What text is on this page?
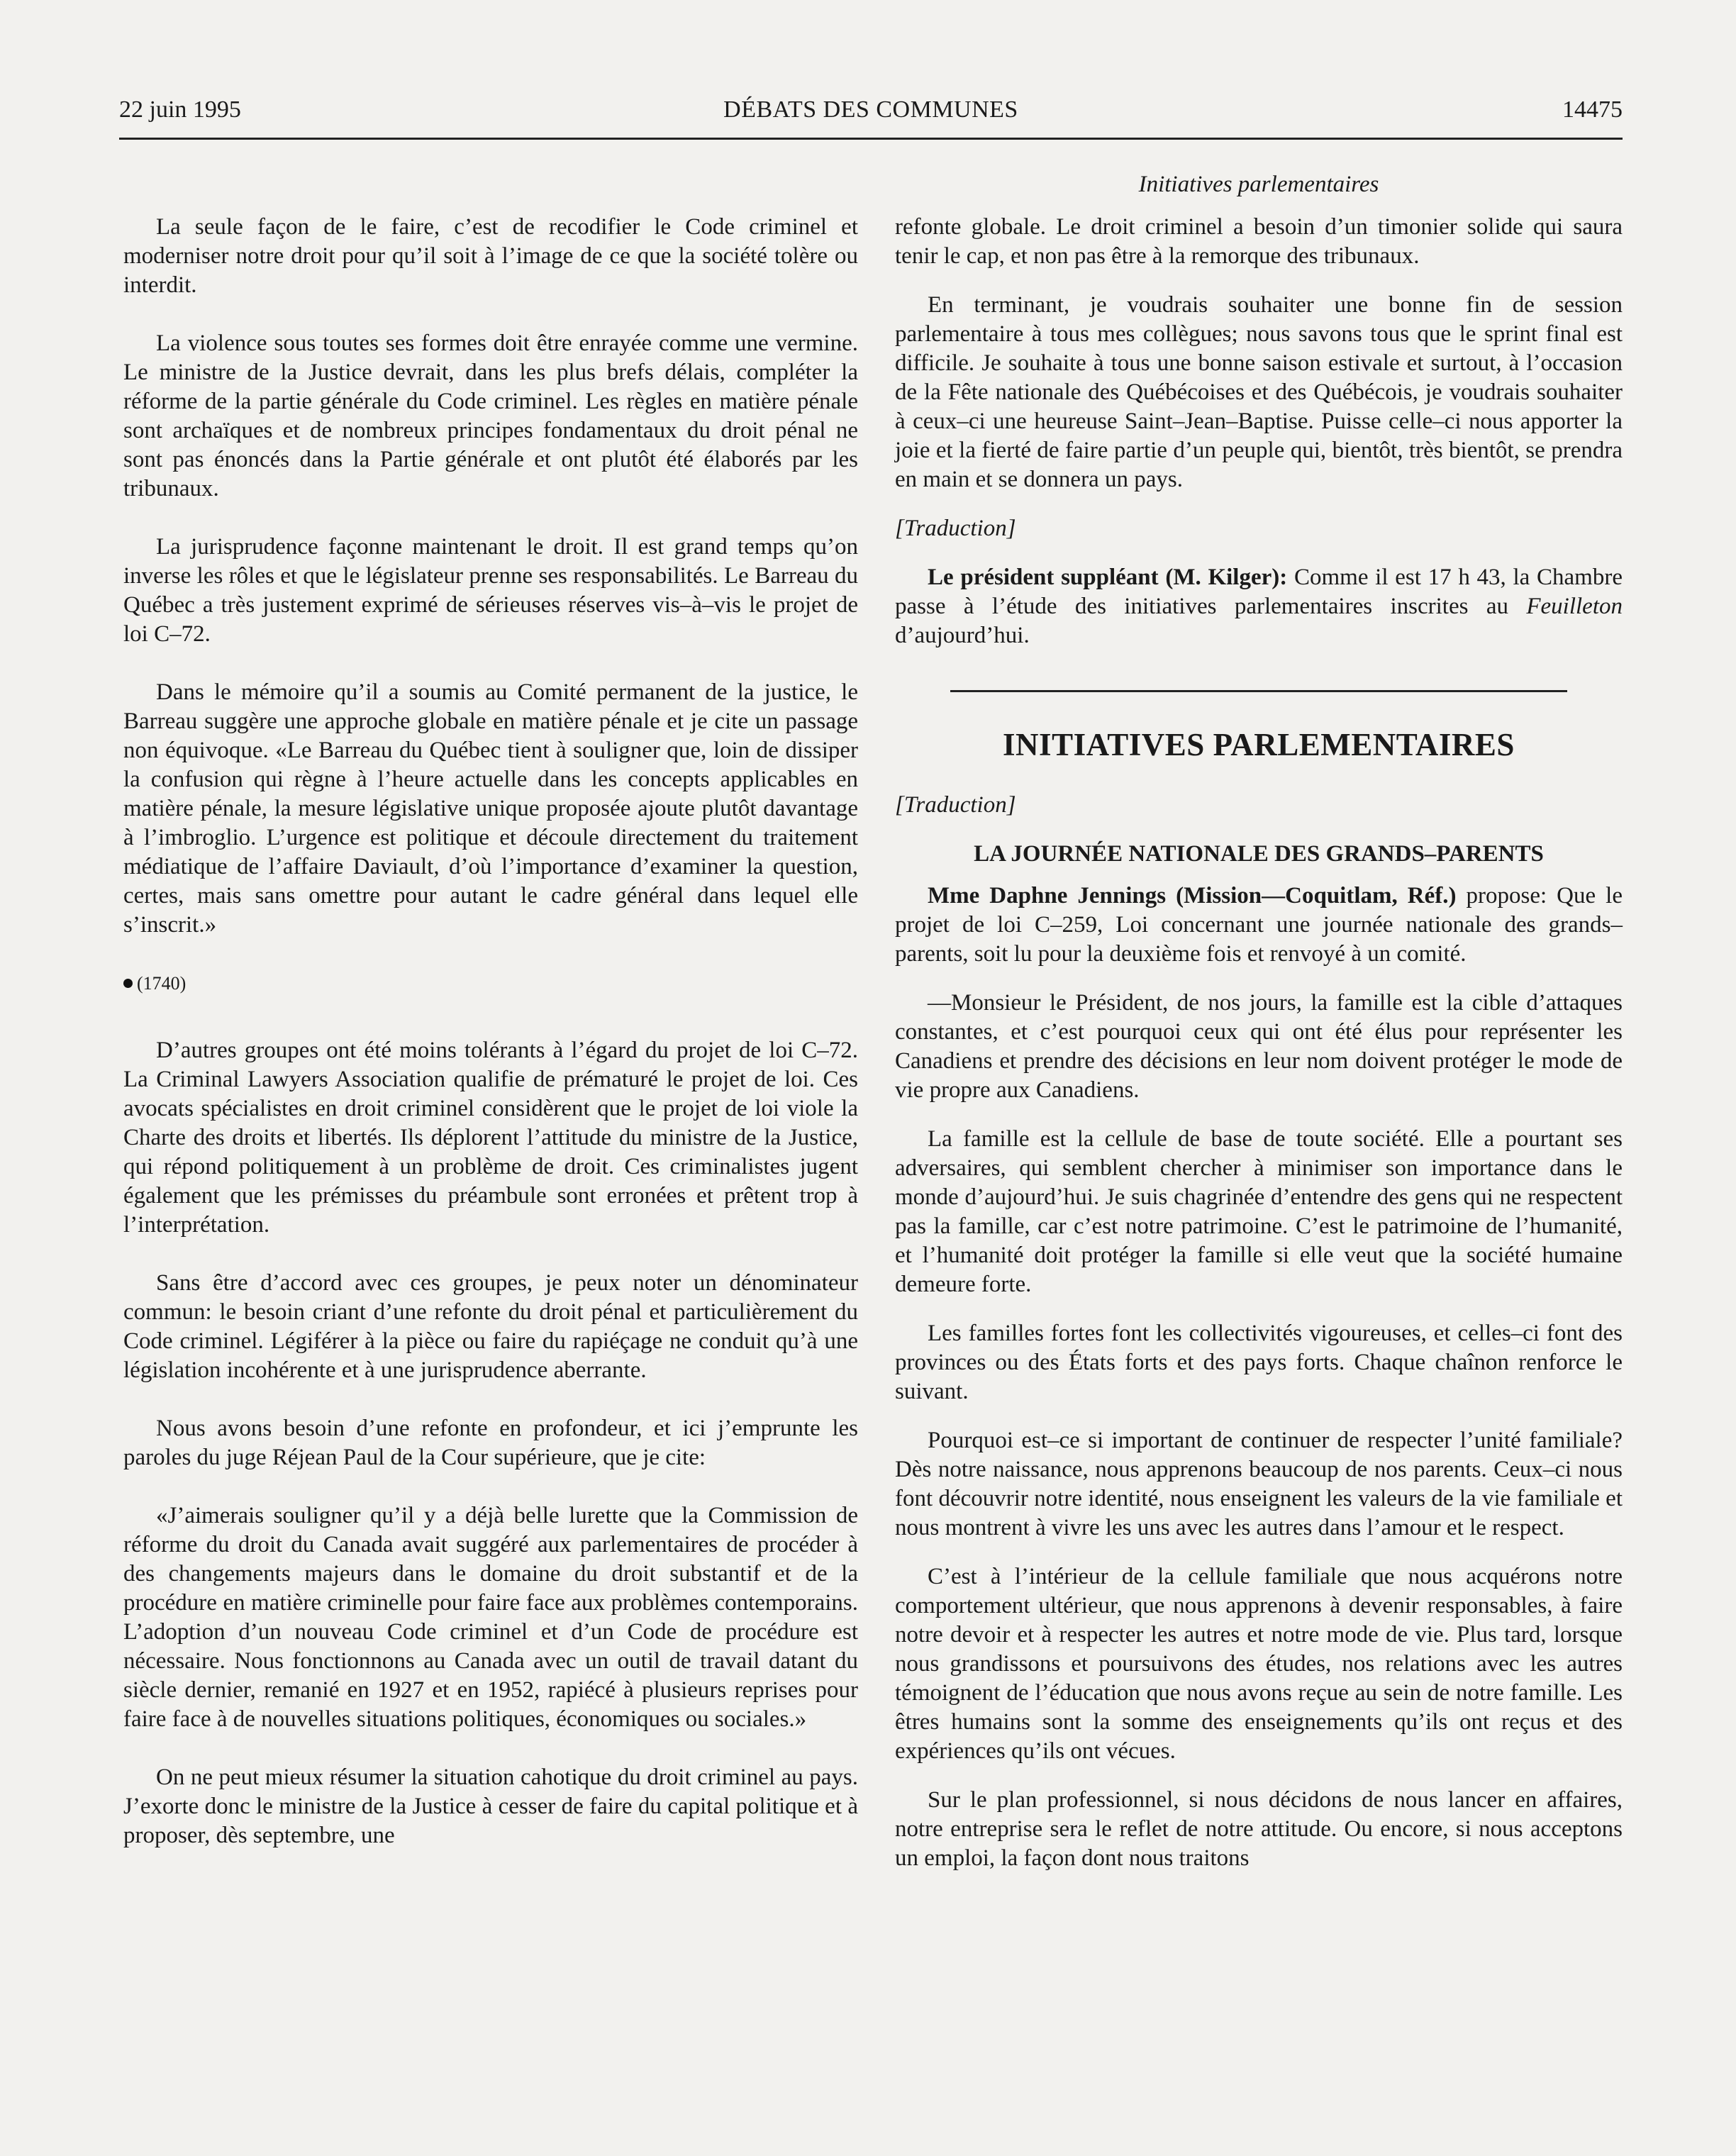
22 juin 1995	DÉBATS DES COMMUNES	14475
Initiatives parlementaires

La seule façon de le faire, c’est de recodifier le Code criminel et moderniser notre droit pour qu’il soit à l’image de ce que la société tolère ou interdit.

La violence sous toutes ses formes doit être enrayée comme une vermine. Le ministre de la Justice devrait, dans les plus brefs délais, compléter la réforme de la partie générale du Code criminel. Les règles en matière pénale sont archaïques et de nombreux principes fondamentaux du droit pénal ne sont pas énoncés dans la Partie générale et ont plutôt été élaborés par les tribunaux.

La jurisprudence façonne maintenant le droit. Il est grand temps qu’on inverse les rôles et que le législateur prenne ses responsabilités. Le Barreau du Québec a très justement exprimé de sérieuses réserves vis–à–vis le projet de loi C–72.

Dans le mémoire qu’il a soumis au Comité permanent de la justice, le Barreau suggère une approche globale en matière pénale et je cite un passage non équivoque. «Le Barreau du Québec tient à souligner que, loin de dissiper la confusion qui règne à l’heure actuelle dans les concepts applicables en matière pénale, la mesure législative unique proposée ajoute plutôt davantage à l’imbroglio. L’urgence est politique et découle directement du traitement médiatique de l’affaire Daviault, d’où l’importance d’examiner la question, certes, mais sans omettre pour autant le cadre général dans lequel elle s’inscrit.»

(1740)

D’autres groupes ont été moins tolérants à l’égard du projet de loi C–72. La Criminal Lawyers Association qualifie de prématuré le projet de loi. Ces avocats spécialistes en droit criminel considèrent que le projet de loi viole la Charte des droits et libertés. Ils déplorent l’attitude du ministre de la Justice, qui répond politiquement à un problème de droit. Ces criminalistes jugent également que les prémisses du préambule sont erronées et prêtent trop à l’interprétation.

Sans être d’accord avec ces groupes, je peux noter un dénominateur commun: le besoin criant d’une refonte du droit pénal et particulièrement du Code criminel. Légiférer à la pièce ou faire du rapiéçage ne conduit qu’à une législation incohérente et à une jurisprudence aberrante.

Nous avons besoin d’une refonte en profondeur, et ici j’emprunte les paroles du juge Réjean Paul de la Cour supérieure, que je cite:

«J’aimerais souligner qu’il y a déjà belle lurette que la Commission de réforme du droit du Canada avait suggéré aux parlementaires de procéder à des changements majeurs dans le domaine du droit substantif et de la procédure en matière criminelle pour faire face aux problèmes contemporains. L’adoption d’un nouveau Code criminel et d’un Code de procédure est nécessaire. Nous fonctionnons au Canada avec un outil de travail datant du siècle dernier, remanié en 1927 et en 1952, rapiécé à plusieurs reprises pour faire face à de nouvelles situations politiques, économiques ou sociales.»

On ne peut mieux résumer la situation cahotique du droit criminel au pays. J’exorte donc le ministre de la Justice à cesser de faire du capital politique et à proposer, dès septembre, une

refonte globale. Le droit criminel a besoin d’un timonier solide qui saura tenir le cap, et non pas être à la remorque des tribunaux.

En terminant, je voudrais souhaiter une bonne fin de session parlementaire à tous mes collègues; nous savons tous que le sprint final est difficile. Je souhaite à tous une bonne saison estivale et surtout, à l’occasion de la Fête nationale des Québécoises et des Québécois, je voudrais souhaiter à ceux–ci une heureuse Saint–Jean–Baptise. Puisse celle–ci nous apporter la joie et la fierté de faire partie d’un peuple qui, bientôt, très bientôt, se prendra en main et se donnera un pays.

[Traduction]

Le président suppléant (M. Kilger): Comme il est 17 h 43, la Chambre passe à l’étude des initiatives parlementaires inscrites au Feuilleton d’aujourd’hui.

INITIATIVES PARLEMENTAIRES
[Traduction]
LA JOURNÉE NATIONALE DES GRANDS–PARENTS

Mme Daphne Jennings (Mission—Coquitlam, Réf.) propose: Que le projet de loi C–259, Loi concernant une journée nationale des grands–parents, soit lu pour la deuxième fois et renvoyé à un comité.

—Monsieur le Président, de nos jours, la famille est la cible d’attaques constantes, et c’est pourquoi ceux qui ont été élus pour représenter les Canadiens et prendre des décisions en leur nom doivent protéger le mode de vie propre aux Canadiens.

La famille est la cellule de base de toute société. Elle a pourtant ses adversaires, qui semblent chercher à minimiser son importance dans le monde d’aujourd’hui. Je suis chagrinée d’entendre des gens qui ne respectent pas la famille, car c’est notre patrimoine. C’est le patrimoine de l’humanité, et l’humanité doit protéger la famille si elle veut que la société humaine demeure forte.

Les familles fortes font les collectivités vigoureuses, et celles–ci font des provinces ou des États forts et des pays forts. Chaque chaînon renforce le suivant.

Pourquoi est–ce si important de continuer de respecter l’unité familiale? Dès notre naissance, nous apprenons beaucoup de nos parents. Ceux–ci nous font découvrir notre identité, nous enseignent les valeurs de la vie familiale et nous montrent à vivre les uns avec les autres dans l’amour et le respect.

C’est à l’intérieur de la cellule familiale que nous acquérons notre comportement ultérieur, que nous apprenons à devenir responsables, à faire notre devoir et à respecter les autres et notre mode de vie. Plus tard, lorsque nous grandissons et poursuivons des études, nos relations avec les autres témoignent de l’éducation que nous avons reçue au sein de notre famille. Les êtres humains sont la somme des enseignements qu’ils ont reçus et des expériences qu’ils ont vécues.

Sur le plan professionnel, si nous décidons de nous lancer en affaires, notre entreprise sera le reflet de notre attitude. Ou encore, si nous acceptons un emploi, la façon dont nous traitons
